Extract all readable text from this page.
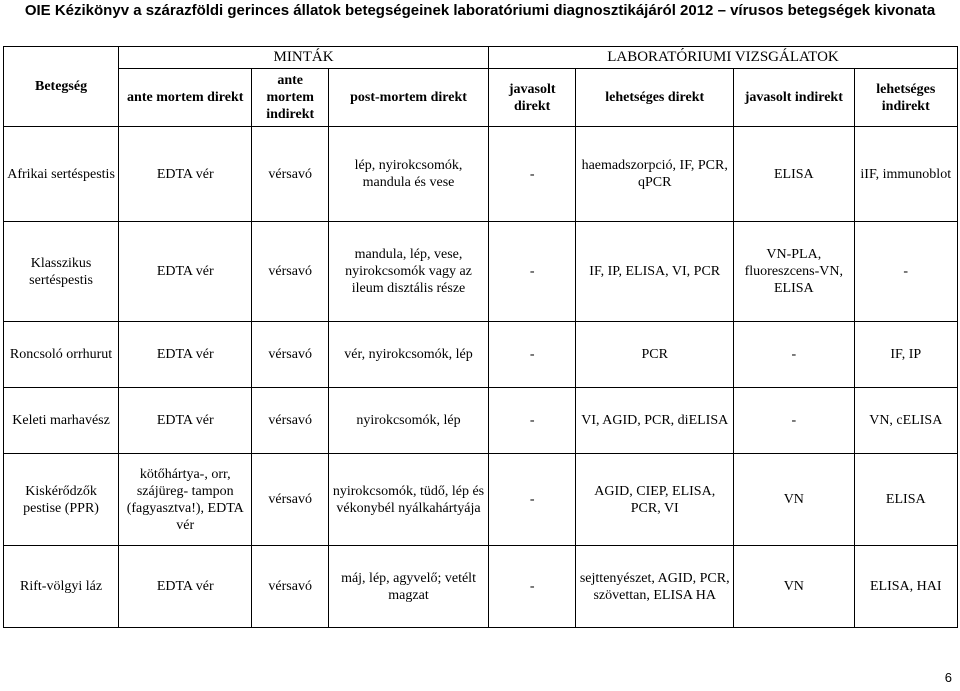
OIE Kézikönyv a szárazföldi gerinces állatok betegségeinek laboratóriumi diagnosztikájáról 2012 – vírusos betegségek kivonata
Betegség	MINTÁK			LABORATÓRIUMI VIZSGÁLATOK			
	ante mortem direkt	ante mortem indirekt	post-mortem direkt	javasolt direkt	lehetséges direkt	javasolt indirekt	lehetséges indirekt
Afrikai sertéspestis	EDTA vér	vérsavó	lép, nyirokcsomók, mandula és vese	-	haemadszorpció, IF, PCR, qPCR	ELISA	iIF, immunoblot
Klasszikus sertéspestis	EDTA vér	vérsavó	mandula, lép, vese, nyirokcsomók vagy az ileum disztális része	-	IF, IP, ELISA, VI, PCR	VN-PLA, fluoreszcens-VN, ELISA	-
Roncsoló orrhurut	EDTA vér	vérsavó	vér, nyirokcsomók, lép	-	PCR	-	IF, IP
Keleti marhavész	EDTA vér	vérsavó	nyirokcsomók, lép	-	VI, AGID, PCR, diELISA	-	VN, cELISA
Kiskérődzők pestise (PPR)	kötőhártya-, orr, szájüreg- tampon (fagyasztva!), EDTA vér	vérsavó	nyirokcsomók, tüdő, lép és vékonybél nyálkahártyája	-	AGID, CIEP, ELISA, PCR, VI	VN	ELISA
Rift-völgyi láz	EDTA vér	vérsavó	máj, lép, agyvelő; vetélt magzat	-	sejttenyészet, AGID, PCR, szövettan, ELISA HA	VN	ELISA, HAI
6
